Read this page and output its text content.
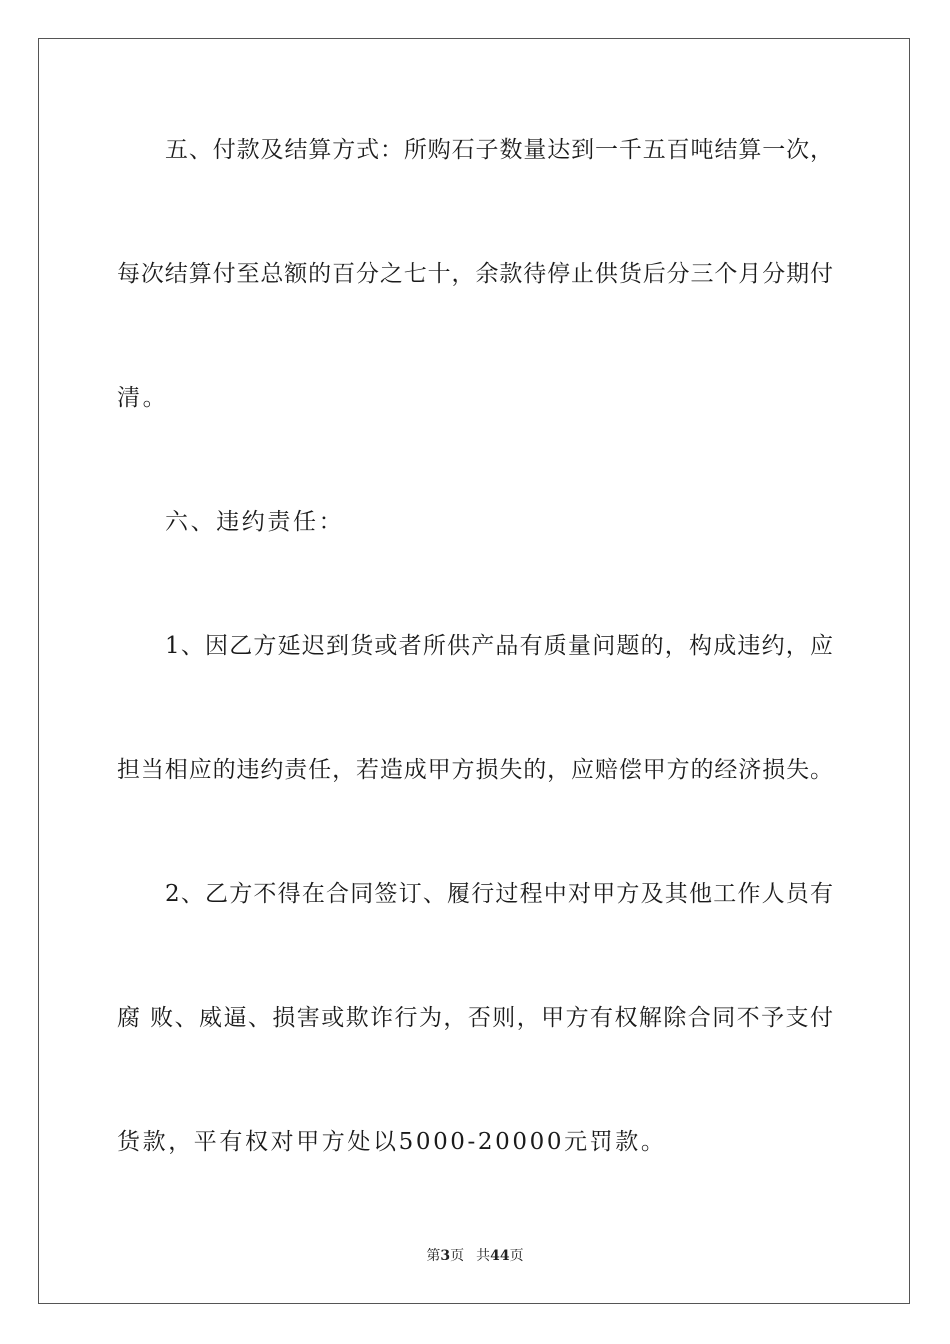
五、付款及结算方式：所购石子数量达到一千五百吨结算一次，
每次结算付至总额的百分之七十，余款待停止供货后分三个月分期付
清。
六、违约责任：
1、因乙方延迟到货或者所供产品有质量问题的，构成违约，应
担当相应的违约责任，若造成甲方损失的，应赔偿甲方的经济损失。
2、乙方不得在合同签订、履行过程中对甲方及其他工作人员有
腐 败、威逼、损害或欺诈行为，否则，甲方有权解除合同不予支付
货款，平有权对甲方处以5000-20000元罚款。
第3页 共44页
